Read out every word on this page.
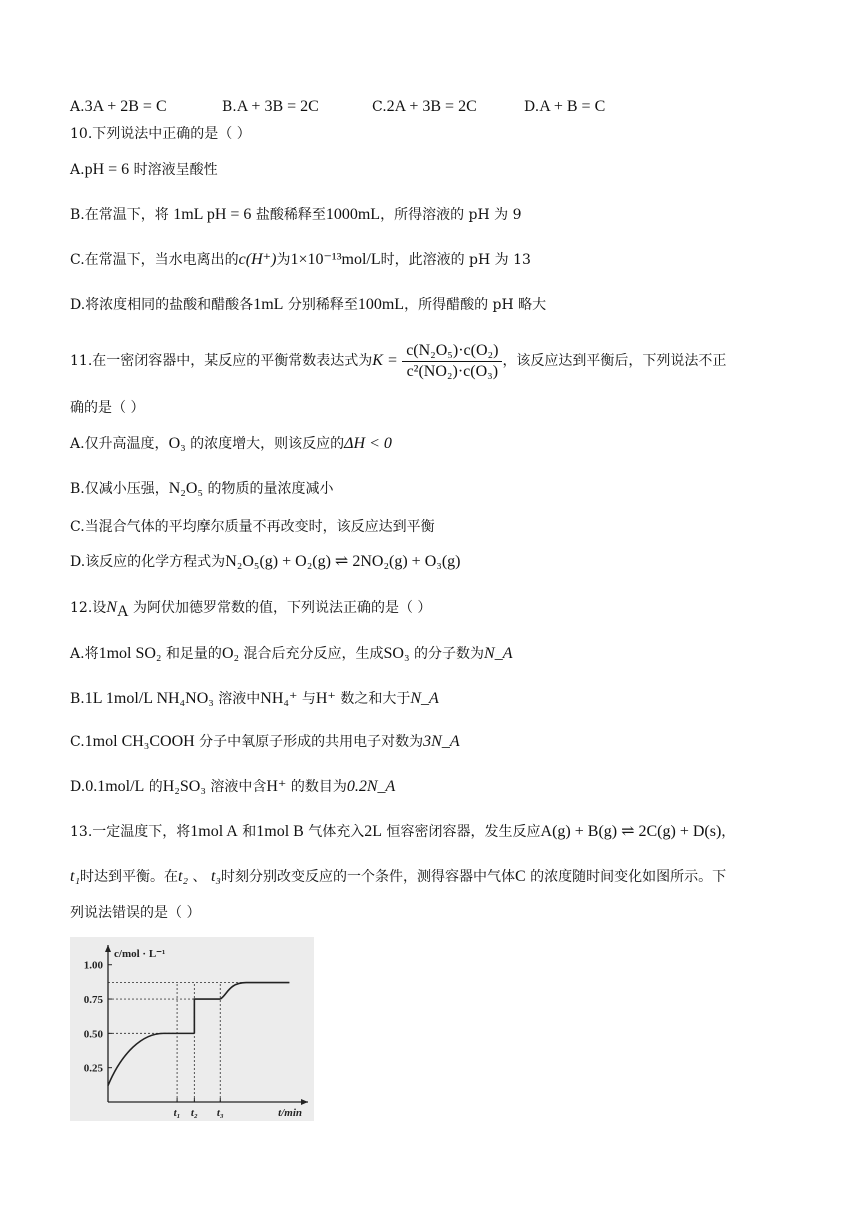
A.3A + 2B = C	B.A + 3B = 2C	C.2A + 3B = 2C	D.A + B = C
10.下列说法中正确的是（ ）
A.pH = 6 时溶液呈酸性
B.在常温下，将 1mL pH = 6 盐酸稀释至1000mL，所得溶液的 pH 为 9
C.在常温下，当水电离出的c(H⁺)为1×10⁻¹³mol/L时，此溶液的 pH 为 13
D.将浓度相同的盐酸和醋酸各1mL 分别稀释至100mL，所得醋酸的 pH 略大
11.在一密闭容器中，某反应的平衡常数表达式为$K = \frac{\text{c(N₂O₅)·c(O₂)}}{\text{c²(NO₂)·c(O₃)}}$ ，该反应达到平衡后，下列说法不正
确的是（ ）
A.仅升高温度，O₃ 的浓度增大，则该反应的ΔH < 0
B.仅减小压强，N₂O₅ 的物质的量浓度减小
C.当混合气体的平均摩尔质量不再改变时，该反应达到平衡
D.该反应的化学方程式为N₂O₅(g) + O₂(g) ⇌ 2NO₂(g) + O₃(g)
12.设$N_A$ 为阿伏加德罗常数的值，下列说法正确的是（ ）
A.将1mol SO₂ 和足量的O₂ 混合后充分反应，生成SO₃ 的分子数为N_A
B.1L 1mol/L NH₄NO₃ 溶液中NH₄⁺ 与H⁺ 数之和大于N_A
C.1mol CH₃COOH 分子中氧原子形成的共用电子对数为3N_A
D.0.1mol/L 的H₂SO₃ 溶液中含H⁺ 的数目为0.2N_A
13.一定温度下，将1mol A 和1mol B 气体充入2L 恒容密闭容器，发生反应A(g) + B(g) ⇌ 2C(g) + D(s)，
t₁时达到平衡。在t₂ 、 t₃时刻分别改变反应的一个条件，测得容器中气体C 的浓度随时间变化如图所示。下
列说法错误的是（ ）
1.00
0.75
0.50
0.25
t₁ t₂ t₃	t/min
c/mol · L⁻¹
